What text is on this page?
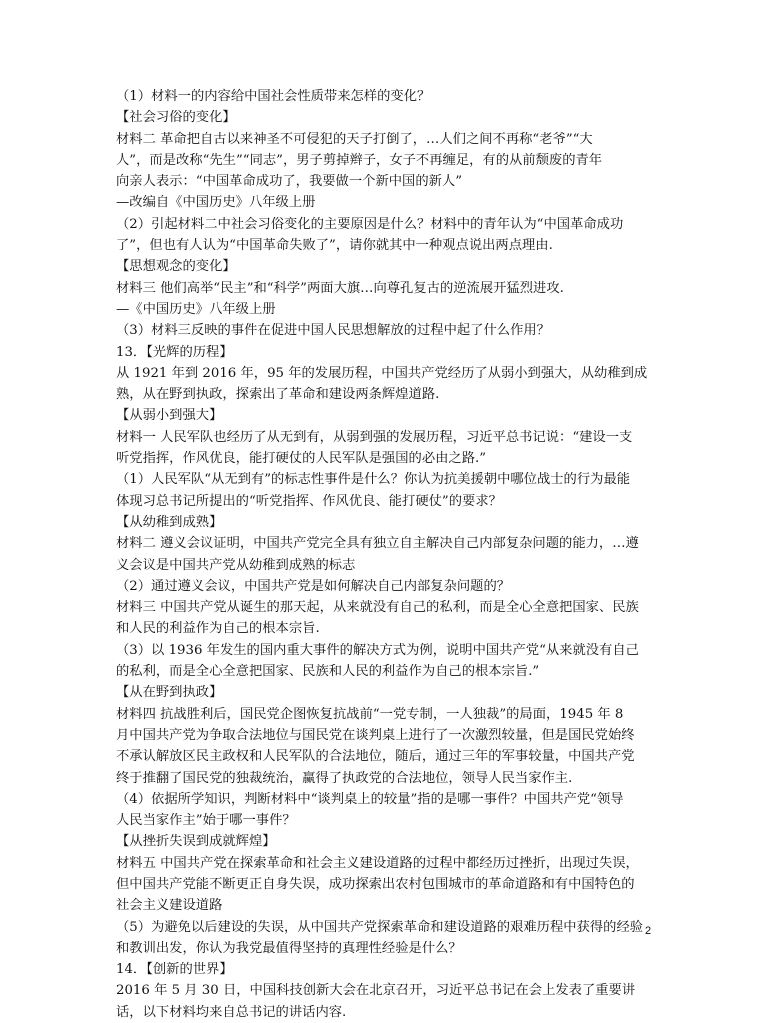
（1）材料一的内容给中国社会性质带来怎样的变化？
【社会习俗的变化】
材料二 革命把自古以来神圣不可侵犯的天子打倒了，…人们之间不再称“老爷”“大
人”，而是改称“先生”“同志”，男子剪掉辫子，女子不再缠足，有的从前颓废的青年
向亲人表示：“中国革命成功了，我要做一个新中国的新人”
—改编自《中国历史》八年级上册
（2）引起材料二中社会习俗变化的主要原因是什么？材料中的青年认为“中国革命成功
了”，但也有人认为“中国革命失败了”，请你就其中一种观点说出两点理由.
【思想观念的变化】
材料三 他们高举“民主”和“科学”两面大旗…向尊孔复古的逆流展开猛烈进攻.
—《中国历史》八年级上册
（3）材料三反映的事件在促进中国人民思想解放的过程中起了什么作用？
13．【光辉的历程】
从 1921 年到 2016 年，95 年的发展历程，中国共产党经历了从弱小到强大，从幼稚到成
熟，从在野到执政，探索出了革命和建设两条辉煌道路.
【从弱小到强大】
材料一 人民军队也经历了从无到有，从弱到强的发展历程，习近平总书记说：“建设一支
听党指挥，作风优良，能打硬仗的人民军队是强国的必由之路.”
（1）人民军队“从无到有”的标志性事件是什么？你认为抗美援朝中哪位战士的行为最能
体现习总书记所提出的“听党指挥、作风优良、能打硬仗”的要求？
【从幼稚到成熟】
材料二 遵义会议证明，中国共产党完全具有独立自主解决自己内部复杂问题的能力，…遵
义会议是中国共产党从幼稚到成熟的标志
（2）通过遵义会议，中国共产党是如何解决自己内部复杂问题的？
材料三 中国共产党从诞生的那天起，从来就没有自己的私利，而是全心全意把国家、民族
和人民的利益作为自己的根本宗旨.
（3）以 1936 年发生的国内重大事件的解决方式为例，说明中国共产党“从来就没有自己
的私利，而是全心全意把国家、民族和人民的利益作为自己的根本宗旨.”
【从在野到执政】
材料四 抗战胜利后，国民党企图恢复抗战前“一党专制，一人独裁”的局面，1945 年 8
月中国共产党为争取合法地位与国民党在谈判桌上进行了一次激烈较量，但是国民党始终
不承认解放区民主政权和人民军队的合法地位，随后，通过三年的军事较量，中国共产党
终于推翻了国民党的独裁统治，赢得了执政党的合法地位，领导人民当家作主.
（4）依据所学知识，判断材料中“谈判桌上的较量”指的是哪一事件？中国共产党“领导
人民当家作主”始于哪一事件？
【从挫折失误到成就辉煌】
材料五 中国共产党在探索革命和社会主义建设道路的过程中都经历过挫折，出现过失误，
但中国共产党能不断更正自身失误，成功探索出农村包围城市的革命道路和有中国特色的
社会主义建设道路
（5）为避免以后建设的失误，从中国共产党探索革命和建设道路的艰难历程中获得的经验
和教训出发，你认为我党最值得坚持的真理性经验是什么？
14．【创新的世界】
2016 年 5 月 30 日，中国科技创新大会在北京召开，习近平总书记在会上发表了重要讲
话，以下材料均来自总书记的讲话内容.
2
